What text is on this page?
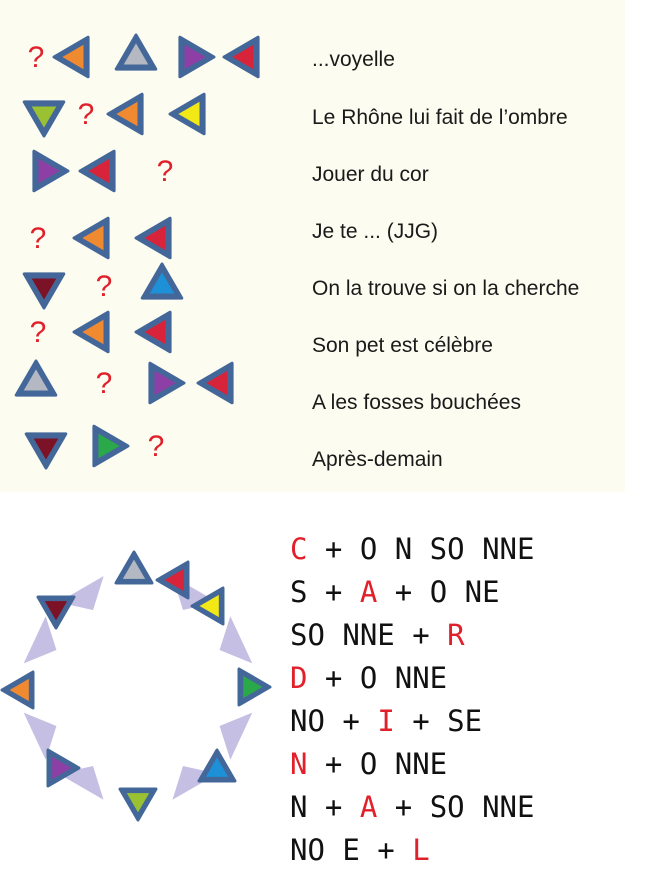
?
?
?
?
?
?
?
?

...voyelle

Le Rhône lui fait de l’ombre

Jouer du cor

Je te ... (JJG)

On la trouve si on la cherche

Son pet est célèbre

A les fosses bouchées

Après-demain

C + O N SO NNE

S + A + O NE

SO NNE + R

D + O NNE

NO + I + SE

N + O NNE

N + A + SO NNE

NO E + L
